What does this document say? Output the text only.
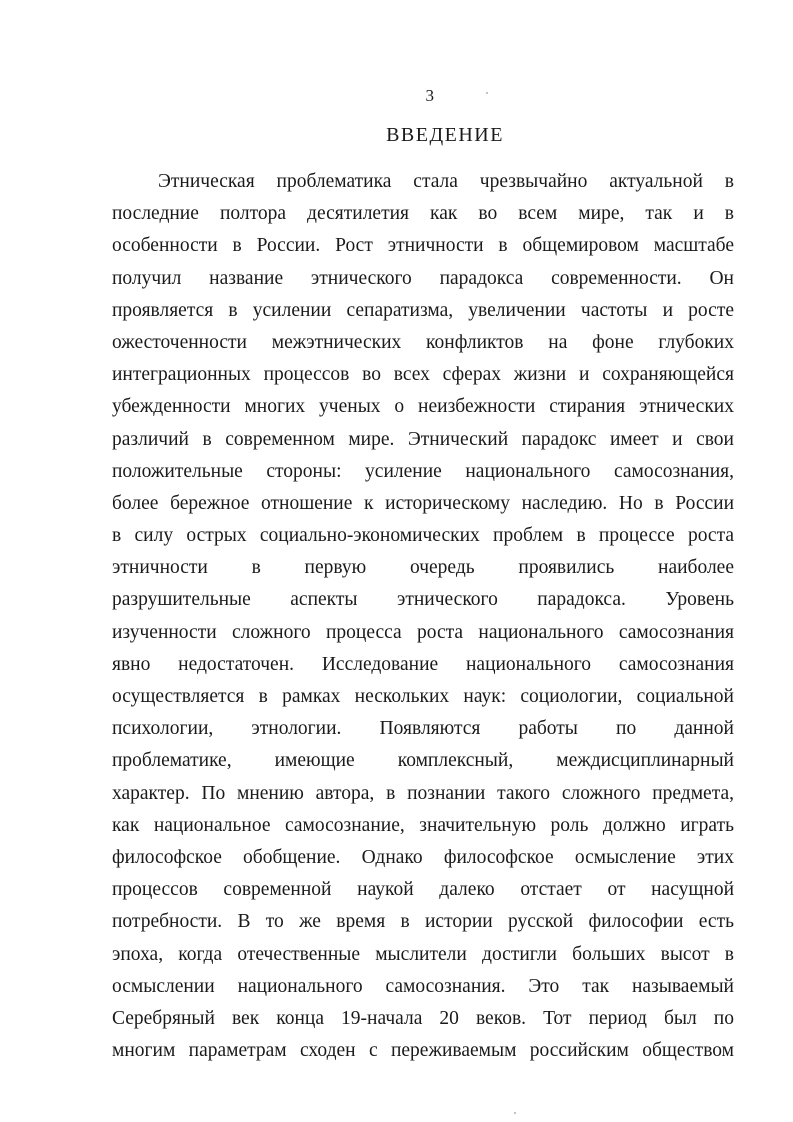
3
ВВЕДЕНИЕ
Этническая проблематика стала чрезвычайно актуальной в
последние полтора десятилетия как во всем мире, так и в
особенности в России. Рост этничности в общемировом масштабе
получил название этнического парадокса современности. Он
проявляется в усилении сепаратизма, увеличении частоты и росте
ожесточенности межэтнических конфликтов на фоне глубоких
интеграционных процессов во всех сферах жизни и сохраняющейся
убежденности многих ученых о неизбежности стирания этнических
различий в современном мире. Этнический парадокс имеет и свои
положительные стороны: усиление национального самосознания,
более бережное отношение к историческому наследию. Но в России
в силу острых социально-экономических проблем в процессе роста
этничности в первую очередь проявились наиболее
разрушительные аспекты этнического парадокса. Уровень
изученности сложного процесса роста национального самосознания
явно недостаточен. Исследование национального самосознания
осуществляется в рамках нескольких наук: социологии, социальной
психологии, этнологии. Появляются работы по данной
проблематике, имеющие комплексный, междисциплинарный
характер. По мнению автора, в познании такого сложного предмета,
как национальное самосознание, значительную роль должно играть
философское обобщение. Однако философское осмысление этих
процессов современной наукой далеко отстает от насущной
потребности. В то же время в истории русской философии есть
эпоха, когда отечественные мыслители достигли больших высот в
осмыслении национального самосознания. Это так называемый
Серебряный век конца 19-начала 20 веков. Тот период был по
многим параметрам сходен с переживаемым российским обществом
